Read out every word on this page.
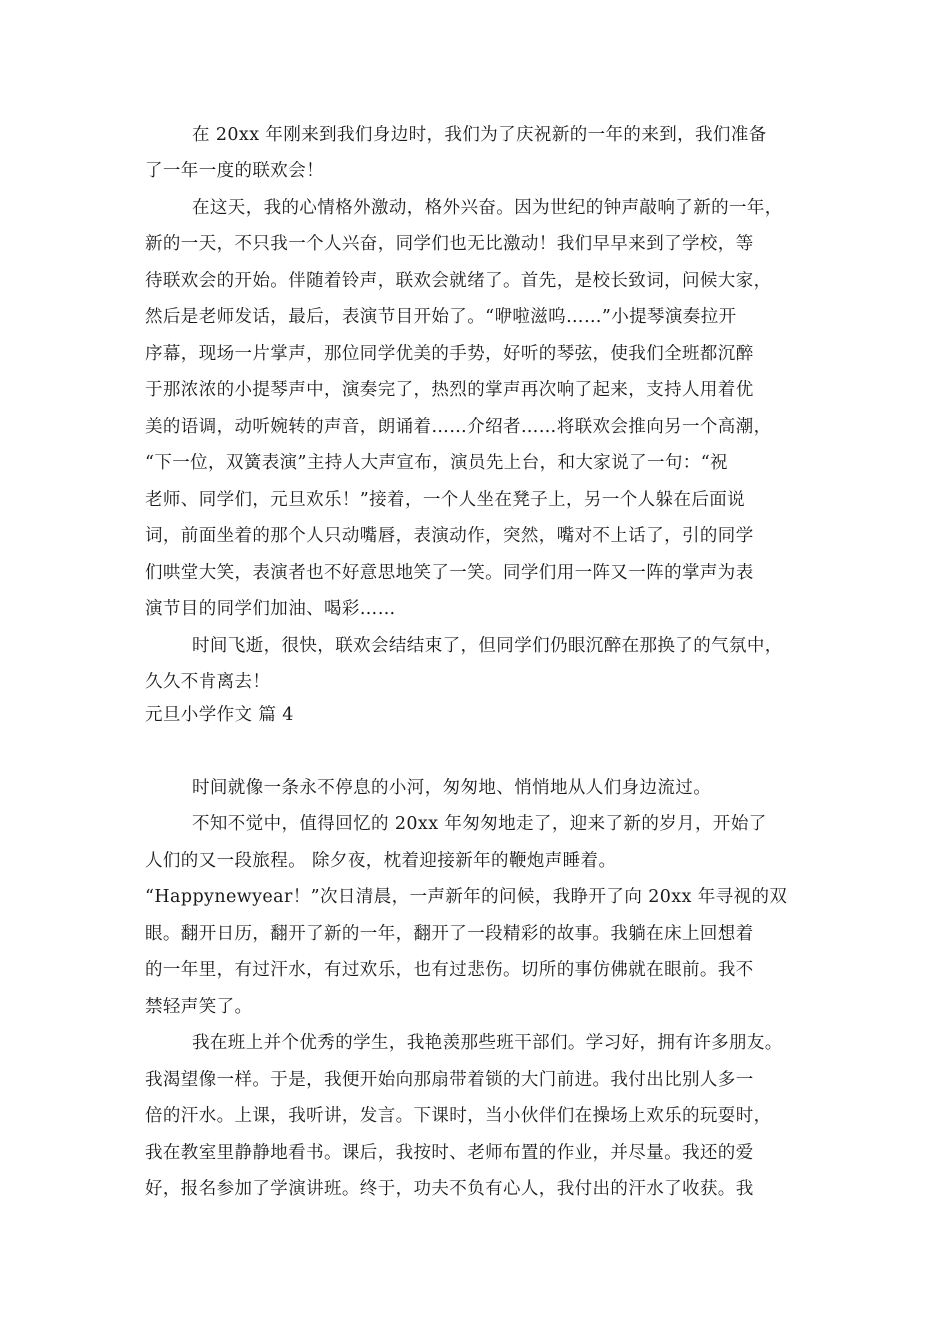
在 20xx 年刚来到我们身边时，我们为了庆祝新的一年的来到，我们准备
了一年一度的联欢会！
在这天，我的心情格外激动，格外兴奋。因为世纪的钟声敲响了新的一年，
新的一天，不只我一个人兴奋，同学们也无比激动！我们早早来到了学校，等
待联欢会的开始。伴随着铃声，联欢会就绪了。首先，是校长致词，问候大家，
然后是老师发话，最后，表演节目开始了。“咿啦滋呜……”小提琴演奏拉开
序幕，现场一片掌声，那位同学优美的手势，好听的琴弦，使我们全班都沉醉
于那浓浓的小提琴声中，演奏完了，热烈的掌声再次响了起来，支持人用着优
美的语调，动听婉转的声音，朗诵着……介绍者……将联欢会推向另一个高潮，
“下一位，双簧表演”主持人大声宣布，演员先上台，和大家说了一句：“祝
老师、同学们，元旦欢乐！”接着，一个人坐在凳子上，另一个人躲在后面说
词，前面坐着的那个人只动嘴唇，表演动作，突然，嘴对不上话了，引的同学
们哄堂大笑，表演者也不好意思地笑了一笑。同学们用一阵又一阵的掌声为表
演节目的同学们加油、喝彩……
时间飞逝，很快，联欢会结结束了，但同学们仍眼沉醉在那换了的气氛中，
久久不肯离去！
元旦小学作文 篇 4
时间就像一条永不停息的小河，匆匆地、悄悄地从人们身边流过。
不知不觉中，值得回忆的 20xx 年匆匆地走了，迎来了新的岁月，开始了
人们的又一段旅程。 除夕夜，枕着迎接新年的鞭炮声睡着。
“Happynewyear！”次日清晨，一声新年的问候，我睁开了向 20xx 年寻视的双
眼。翻开日历，翻开了新的一年，翻开了一段精彩的故事。我躺在床上回想着
的一年里，有过汗水，有过欢乐，也有过悲伤。切所的事仿佛就在眼前。我不
禁轻声笑了。
我在班上并个优秀的学生，我艳羡那些班干部们。学习好，拥有许多朋友。
我渴望像一样。于是，我便开始向那扇带着锁的大门前进。我付出比别人多一
倍的汗水。上课，我听讲，发言。下课时，当小伙伴们在操场上欢乐的玩耍时，
我在教室里静静地看书。课后，我按时、老师布置的作业，并尽量。我还的爱
好，报名参加了学演讲班。终于，功夫不负有心人，我付出的汗水了收获。我
